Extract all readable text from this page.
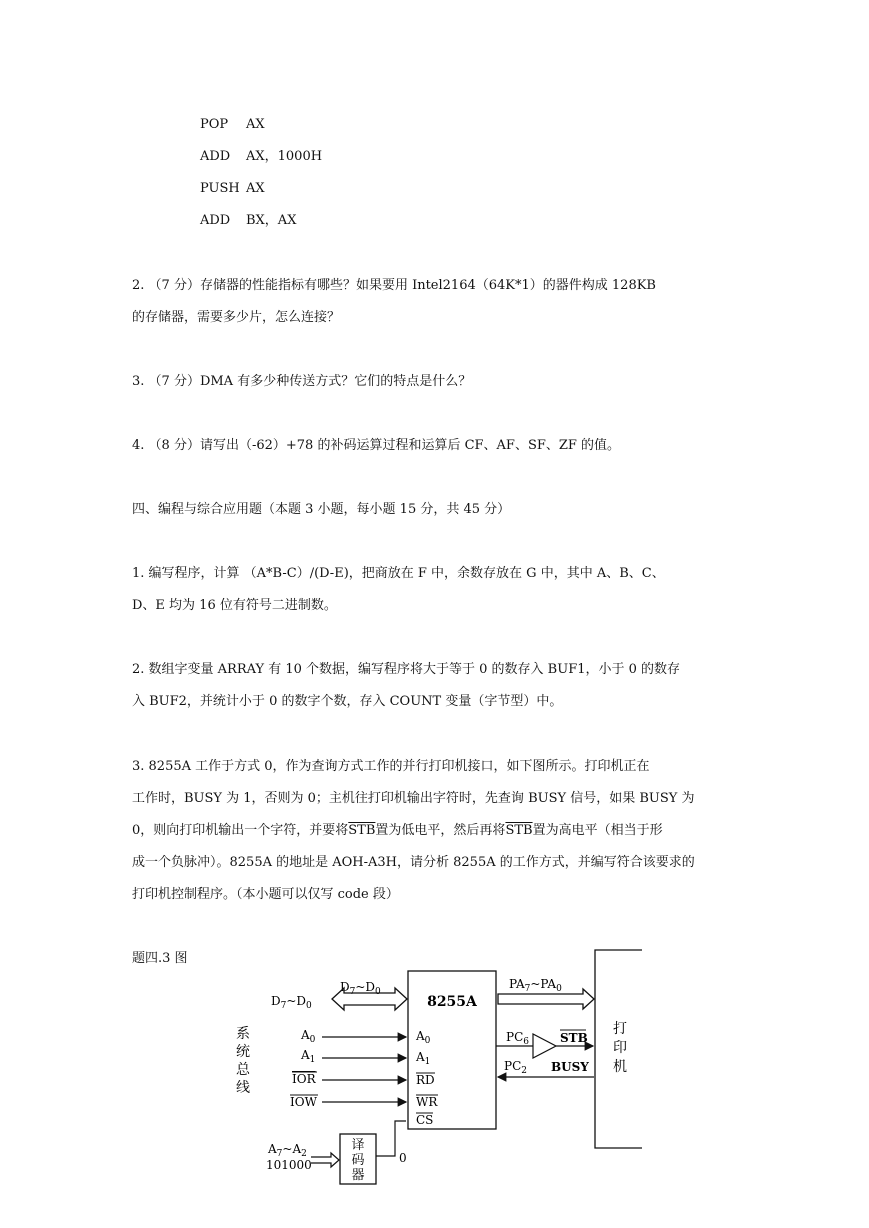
POP AX
ADD AX，1000H
PUSH AX
ADD BX，AX
2. （7 分）存储器的性能指标有哪些？如果要用 Intel2164（64K*1）的器件构成 128KB
的存储器，需要多少片，怎么连接？
3. （7 分）DMA 有多少种传送方式？它们的特点是什么？
4. （8 分）请写出（-62）+78 的补码运算过程和运算后 CF、AF、SF、ZF 的值。
四、编程与综合应用题（本题 3 小题，每小题 15 分，共 45 分）
1. 编写程序，计算 （A*B-C）/(D-E)，把商放在 F 中，余数存放在 G 中，其中 A、B、C、
D、E 均为 16 位有符号二进制数。
2. 数组字变量 ARRAY 有 10 个数据，编写程序将大于等于 0 的数存入 BUF1，小于 0 的数存
入 BUF2，并统计小于 0 的数字个数，存入 COUNT 变量（字节型）中。
3. 8255A 工作于方式 0，作为查询方式工作的并行打印机接口，如下图所示。打印机正在
工作时，BUSY 为 1，否则为 0；主机往打印机输出字符时，先查询 BUSY 信号，如果 BUSY 为
0，则向打印机输出一个字符，并要将$\overline{STB}$置为低电平，然后再将$\overline{STB}$置为高电平（相当于形
成一个负脉冲）。8255A 的地址是 AOH-A3H，请分析 8255A 的工作方式，并编写符合该要求的
打印机控制程序。（本小题可以仅写 code 段）
题四.3 图
8255A
打
印
机
系
统
总
线
$D_7\sim D_0$
$D_7\sim D_0$
$PA_7\sim PA_0$
$A_0$
$A_1$
IOR
IOW
$A_0$
$A_1$
RD
WR
CS
$PC_6$	STB
$PC_2$ BUSY
译
码
器
0
$A_7\sim A_2$
101000
